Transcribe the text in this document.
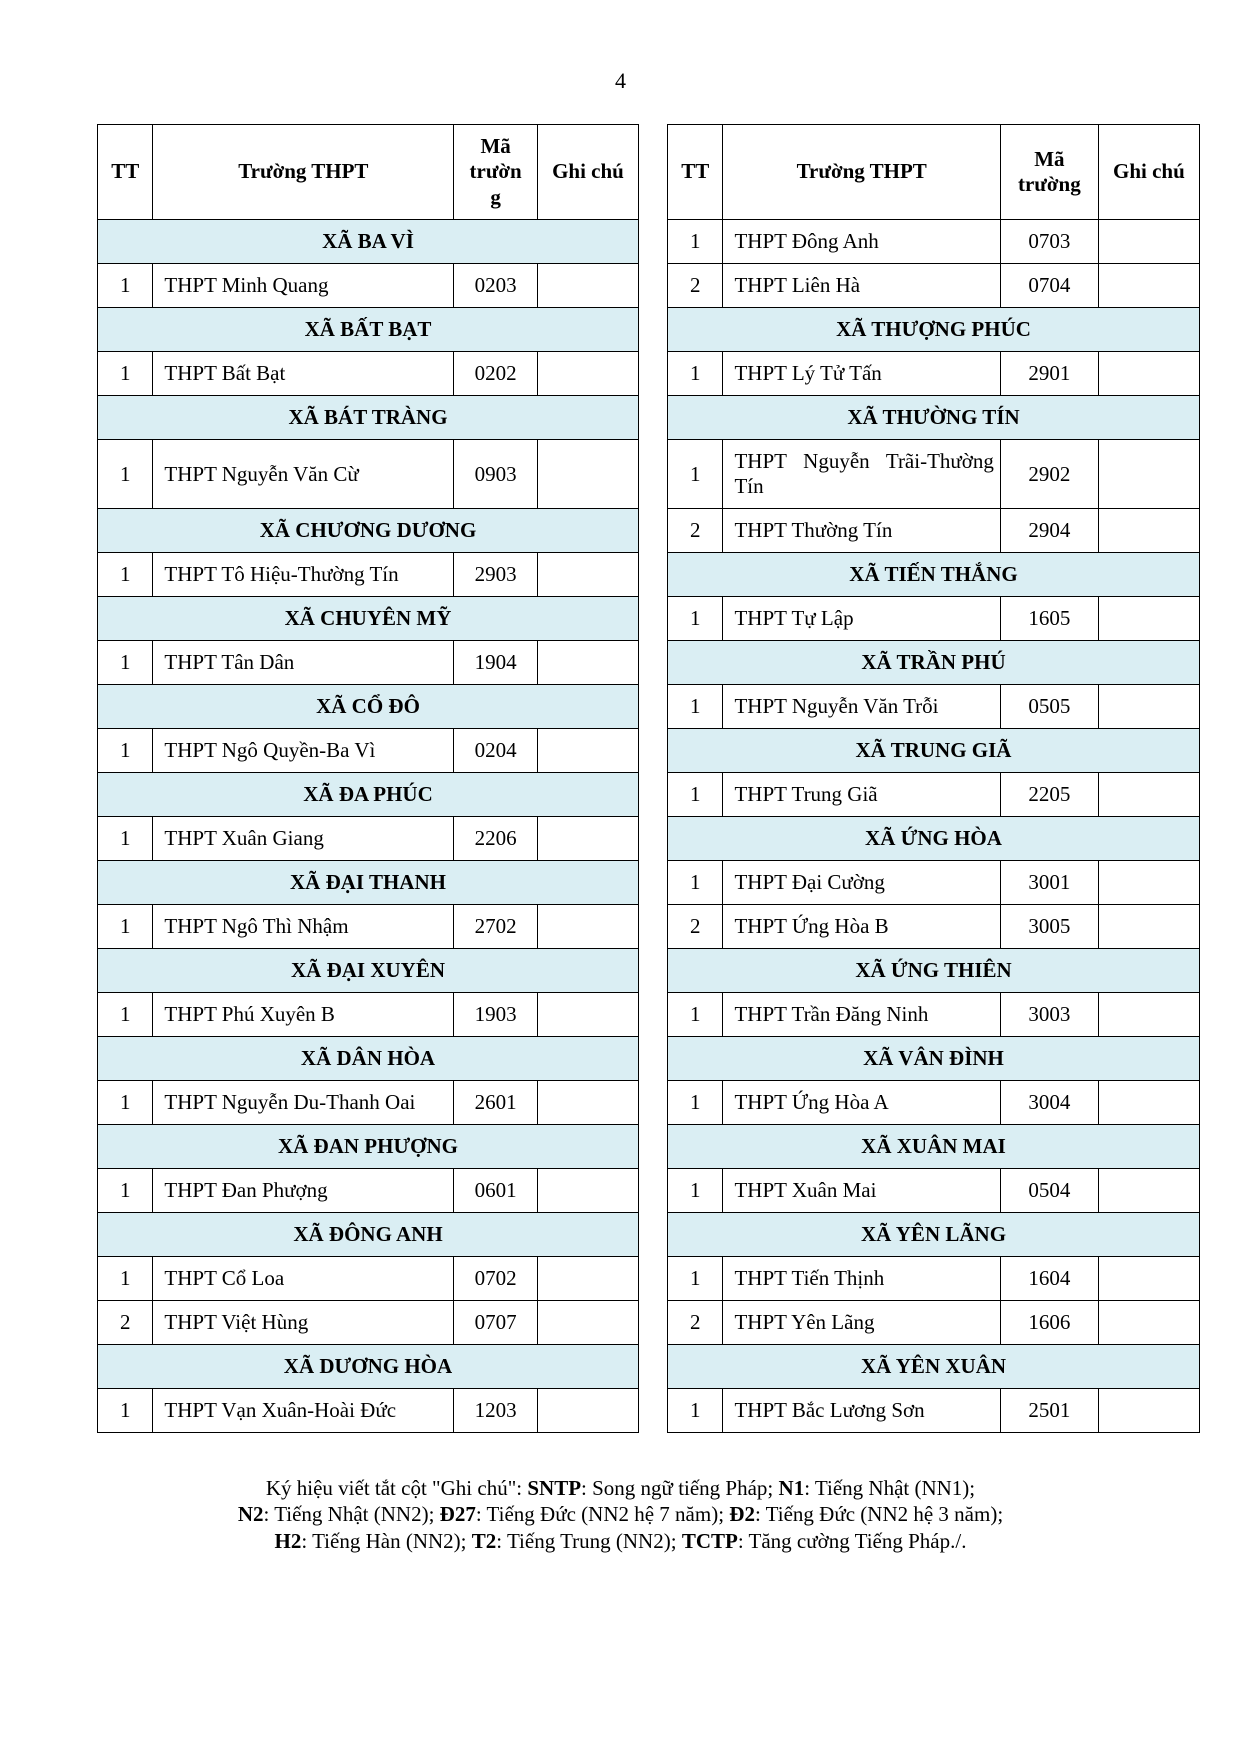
4
TT	Trường THPT	Mã trườn g	Ghi chú
XÃ BA VÌ			
1	THPT Minh Quang	0203	
XÃ BẤT BẠT			
1	THPT Bất Bạt	0202	
XÃ BÁT TRÀNG			
1	THPT Nguyễn Văn Cừ	0903	
XÃ CHƯƠNG DƯƠNG			
1	THPT Tô Hiệu-Thường Tín	2903	
XÃ CHUYÊN MỸ			
1	THPT Tân Dân	1904	
XÃ CỔ ĐÔ			
1	THPT Ngô Quyền-Ba Vì	0204	
XÃ ĐA PHÚC			
1	THPT Xuân Giang	2206	
XÃ ĐẠI THANH			
1	THPT Ngô Thì Nhậm	2702	
XÃ ĐẠI XUYÊN			
1	THPT Phú Xuyên B	1903	
XÃ DÂN HÒA			
1	THPT Nguyễn Du-Thanh Oai	2601	
XÃ ĐAN PHƯỢNG			
1	THPT Đan Phượng	0601	
XÃ ĐÔNG ANH			
1	THPT Cổ Loa	0702	
2	THPT Việt Hùng	0707	
XÃ DƯƠNG HÒA			
1	THPT Vạn Xuân-Hoài Đức	1203	
TT	Trường THPT	Mã trường	Ghi chú
1	THPT Đông Anh	0703	
2	THPT Liên Hà	0704	
XÃ THƯỢNG PHÚC			
1	THPT Lý Tử Tấn	2901	
XÃ THƯỜNG TÍN			
1	THPT Nguyễn Trãi-Thường Tín	2902	
2	THPT Thường Tín	2904	
XÃ TIẾN THẮNG			
1	THPT Tự Lập	1605	
XÃ TRẦN PHÚ			
1	THPT Nguyễn Văn Trỗi	0505	
XÃ TRUNG GIÃ			
1	THPT Trung Giã	2205	
XÃ ỨNG HÒA			
1	THPT Đại Cường	3001	
2	THPT Ứng Hòa B	3005	
XÃ ỨNG THIÊN			
1	THPT Trần Đăng Ninh	3003	
XÃ VÂN ĐÌNH			
1	THPT Ứng Hòa A	3004	
XÃ XUÂN MAI			
1	THPT Xuân Mai	0504	
XÃ YÊN LÃNG			
1	THPT Tiến Thịnh	1604	
2	THPT Yên Lãng	1606	
XÃ YÊN XUÂN			
1	THPT Bắc Lương Sơn	2501	
Ký hiệu viết tắt cột "Ghi chú": SNTP: Song ngữ tiếng Pháp; N1: Tiếng Nhật (NN1);
N2: Tiếng Nhật (NN2); Đ27: Tiếng Đức (NN2 hệ 7 năm); Đ2: Tiếng Đức (NN2 hệ 3 năm);
H2: Tiếng Hàn (NN2); T2: Tiếng Trung (NN2); TCTP: Tăng cường Tiếng Pháp./.
